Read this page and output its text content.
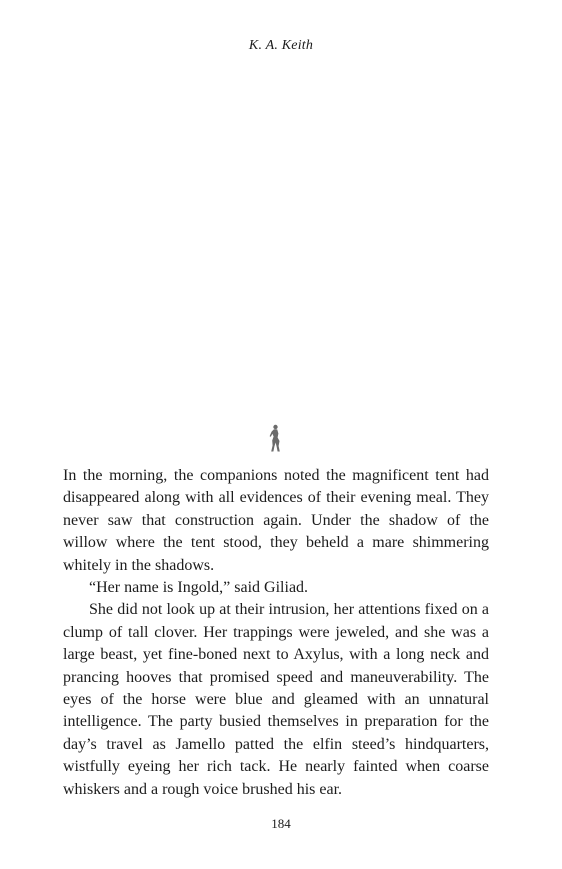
K. A. Keith

In the morning, the companions noted the magnificent tent had disappeared along with all evidences of their evening meal. They never saw that construction again. Under the shadow of the willow where the tent stood, they beheld a mare shimmering whitely in the shadows.

“Her name is Ingold,” said Giliad.

She did not look up at their intrusion, her attentions fixed on a clump of tall clover. Her trappings were jeweled, and she was a large beast, yet fine-boned next to Axylus, with a long neck and prancing hooves that promised speed and maneuverability. The eyes of the horse were blue and gleamed with an unnatural intelligence. The party busied themselves in preparation for the day’s travel as Jamello patted the elfin steed’s hindquarters, wistfully eyeing her rich tack. He nearly fainted when coarse whiskers and a rough voice brushed his ear.

184
